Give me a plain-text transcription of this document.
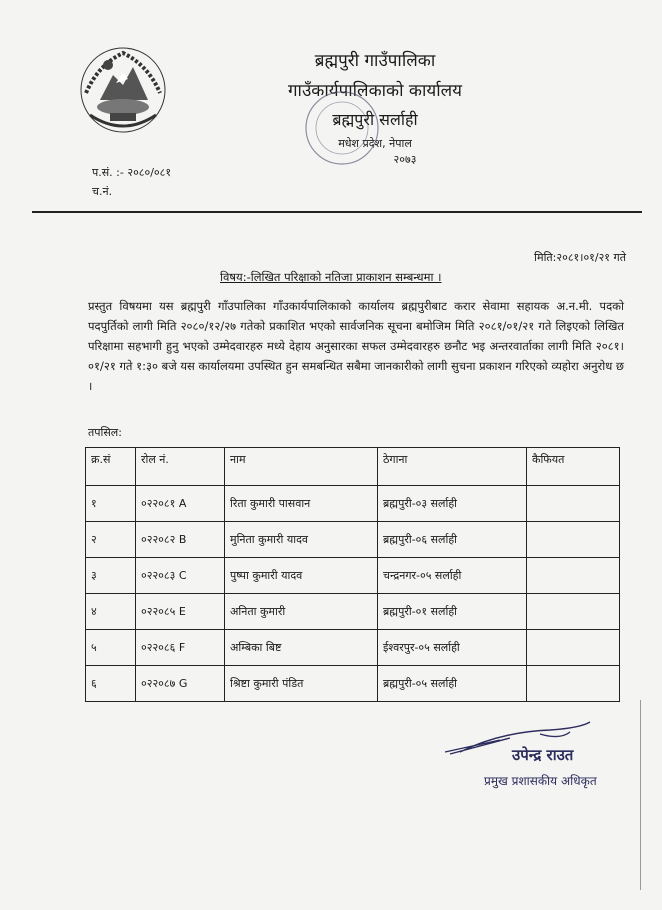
ब्रह्मपुरी गाउँपालिका
गाउँकार्यपालिकाको कार्यालय
ब्रह्मपुरी सर्लाही
मधेश प्रदेश, नेपाल
२०७३
प.सं. :- २०८०/०८१
च.नं.
मिति:२०८१।०१/२१ गते
विषय:-लिखित परिक्षाको नतिजा प्राकाशन सम्बन्धमा ।
प्रस्तुत विषयमा यस ब्रह्मपुरी गाँउपालिका गाँउकार्यपालिकाको कार्यालय ब्रह्मपुरीबाट करार सेवामा सहायक अ.न.मी. पदको पदपुर्तिको लागी मिति २०८०/१२/२७ गतेको प्रकाशित भएको सार्वजनिक सूचना बमोजिम मिति २०८१/०१/२१ गते लिइएको लिखित परिक्षामा सहभागी हुनु भएको उम्मेदवारहरु मध्ये देहाय अनुसारका सफल उम्मेदवारहरु छनौट भइ अन्तरवार्ताका लागी मिति २०८१।०१/२१ गते १:३० बजे यस कार्यालयमा उपस्थित हुन समबन्धित सबैमा जानकारीको लागी सुचना प्रकाशन गरिएको व्यहोरा अनुरोध छ ।
तपसिल:
क्र.सं	रोल नं.	नाम	ठेगाना	कैफियत
१	०२२०८१ A	रिता कुमारी पासवान	ब्रह्मपुरी-०३ सर्लाही	
२	०२२०८२ B	मुनिता कुमारी यादव	ब्रह्मपुरी-०६ सर्लाही	
३	०२२०८३ C	पुष्पा कुमारी यादव	चन्द्रनगर-०५ सर्लाही	
४	०२२०८५ E	अनिता कुमारी	ब्रह्मपुरी-०१ सर्लाही	
५	०२२०८६ F	अम्बिका बिष्ट	ईश्वरपुर-०५ सर्लाही	
६	०२२०८७ G	श्रिष्टा कुमारी पंडित	ब्रह्मपुरी-०५ सर्लाही	
उपेन्द्र राउत
प्रमुख प्रशासकीय अधिकृत
